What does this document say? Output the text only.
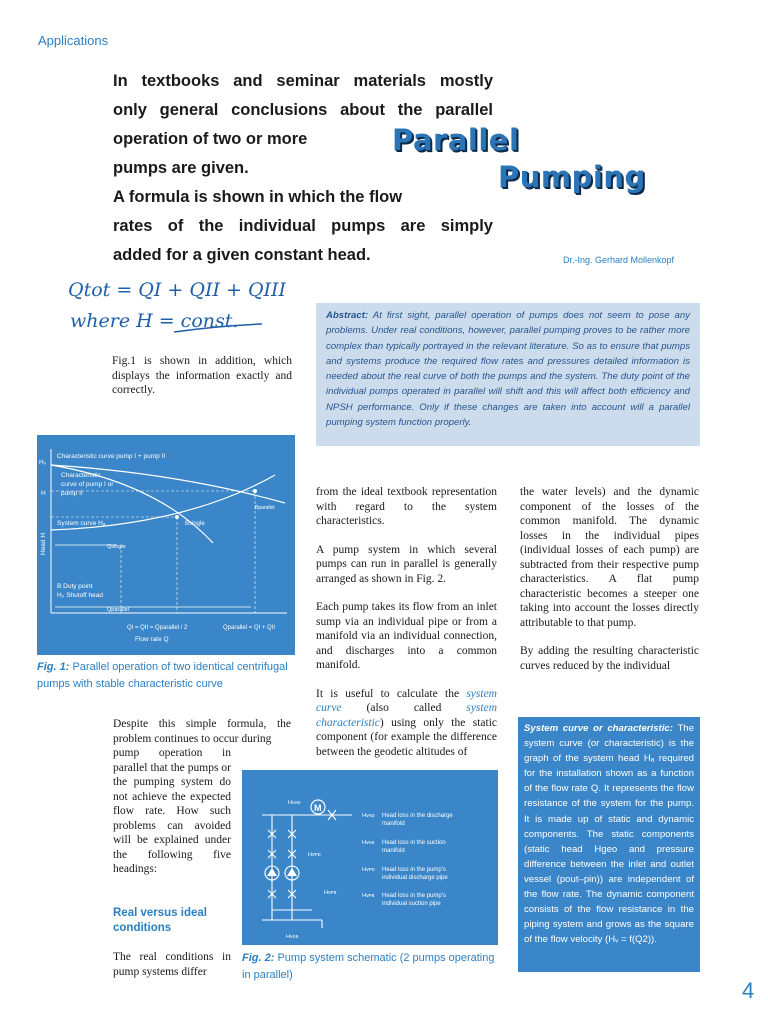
Applications
In textbooks and seminar materials mostly
only general conclusions about the parallel
operation of two or more
pumps are given.
A formula is shown in which the flow
rates of the individual pumps are simply
added for a given constant head.
Parallel
Pumping
Dr.-Ing. Gerhard Mollenkopf
Qtot = QI + QII + QIII
where H = const.
Fig.1 is shown in addition, which displays the information exactly and correctly.
Abstract: At first sight, parallel operation of pumps does not seem to pose any problems. Under real conditions, however, parallel pumping proves to be rather more complex than typically portrayed in the relevant literature. So as to ensure that pumps and systems produce the required flow rates and pressures detailed information is needed about the real curve of both the pumps and the system. The duty point of the individual pumps operated in parallel will shift and this will affect both efficiency and NPSH performance. Only if these changes are taken into account will a parallel pumping system function properly.
Characteristic curve pump I + pump II
H₀
Characteristic
curve of pump I or
H pump II
Bparallel
System curve Hₐ	Bsingle
Head H	Qsingle
B Duty point
H₀ Shutoff head
Qparallel
QI = QII = Qparallel / 2	Qparallel = QI + QII
Flow rate Q
Fig. 1: Parallel operation of two identical centrifugal pumps with stable characteristic curve

from the ideal textbook representation with regard to the system characteristics.

A pump system in which several pumps can run in parallel is generally arranged as shown in Fig. 2.

Each pump takes its flow from an inlet sump via an individual pipe or from a manifold via an individual connection, and discharges into a common manifold.

It is useful to calculate the system curve (also called system characteristic) using only the static component (for example the difference between the geodetic altitudes of

the water levels) and the dynamic component of the losses of the common manifold. The dynamic losses in the individual pipes (individual losses of each pump) are subtracted from their respective pump characteristics. A flat pump characteristic becomes a steeper one taking into account the losses directly attributable to that pump.

By adding the resulting characteristic curves reduced by the individual

Despite this simple formula, the problem continues to occur during
pump operation in parallel that the pumps or the pumping system do not achieve the expected flow rate. How such problems can avoided will be explained under the following five headings:
Real versus ideal conditions
The real conditions in pump systems differ
M
Hᴠᴀᴅ
Hᴠᴘᴅ
Hᴠᴘꜱ
Hᴠᴀꜱ
Hᴠᴀᴅ Head loss in the discharge
manifold
Hᴠᴀꜱ Head loss in the suction
manifold
Hᴠᴘᴅ Head loss in the pump's
individual discharge pipe
Hᴠᴘꜱ Head loss in the pump's
individual suction pipe
Fig. 2: Pump system schematic (2 pumps operating in parallel)
System curve or characteristic: The system curve (or characteristic) is the graph of the system head Hₐ required for the installation shown as a function of the flow rate Q. It represents the flow resistance of the system for the pump. It is made up of static and dynamic components. The static components (static head Hgeo and pressure difference between the inlet and outlet vessel (pout–pin)) are independent of the flow rate. The dynamic component consists of the flow resistance in the piping system and grows as the square of the flow velocity (Hᵥ = f(Q2)).
4
